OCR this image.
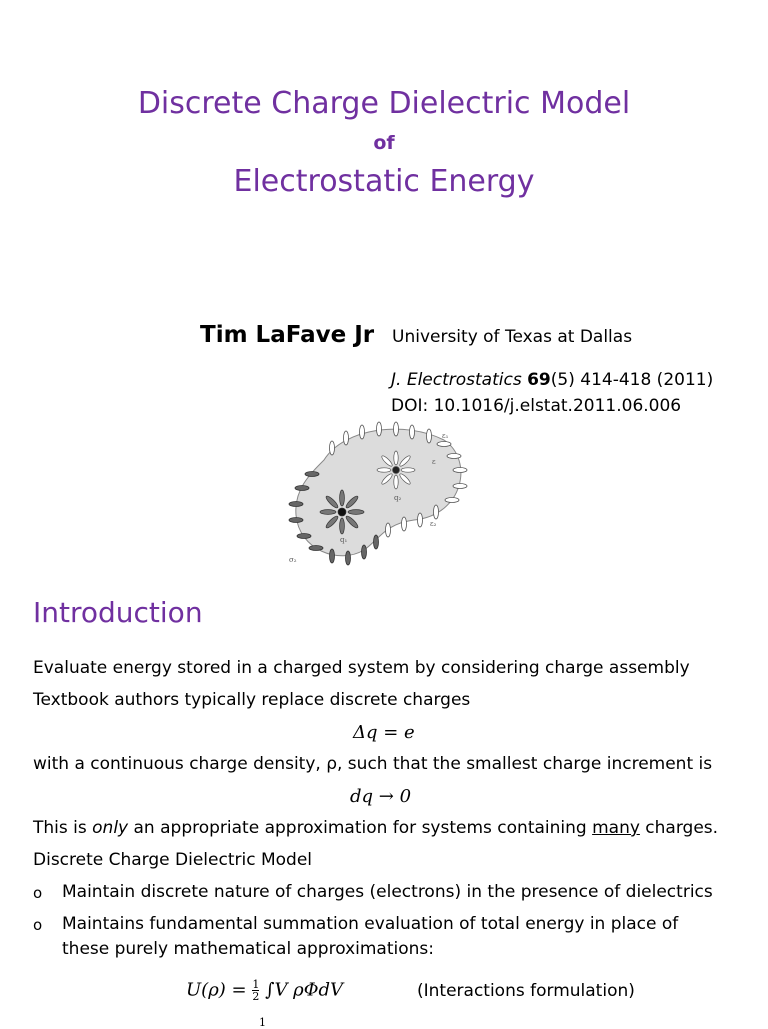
Discrete Charge Dielectric Model
of
Electrostatic Energy
Tim LaFave Jr University of Texas at Dallas
J. Electrostatics 69(5) 414-418 (2011)
DOI: 10.1016/j.elstat.2011.06.006
ε₁
ε
q₂
q₁
ε₂
σ₂
Introduction
Evaluate energy stored in a charged system by considering charge assembly
Textbook authors typically replace discrete charges
Δq = e
with a continuous charge density, ρ, such that the smallest charge increment is
dq → 0
This is only an appropriate approximation for systems containing many charges.
Discrete Charge Dielectric Model
o Maintain discrete nature of charges (electrons) in the presence of dielectrics
o Maintains fundamental summation evaluation of total energy in place of
these purely mathematical approximations:
$U(\rho) = \frac{1}{2} \int V$ ρΦdV	(Interactions formulation)
1
